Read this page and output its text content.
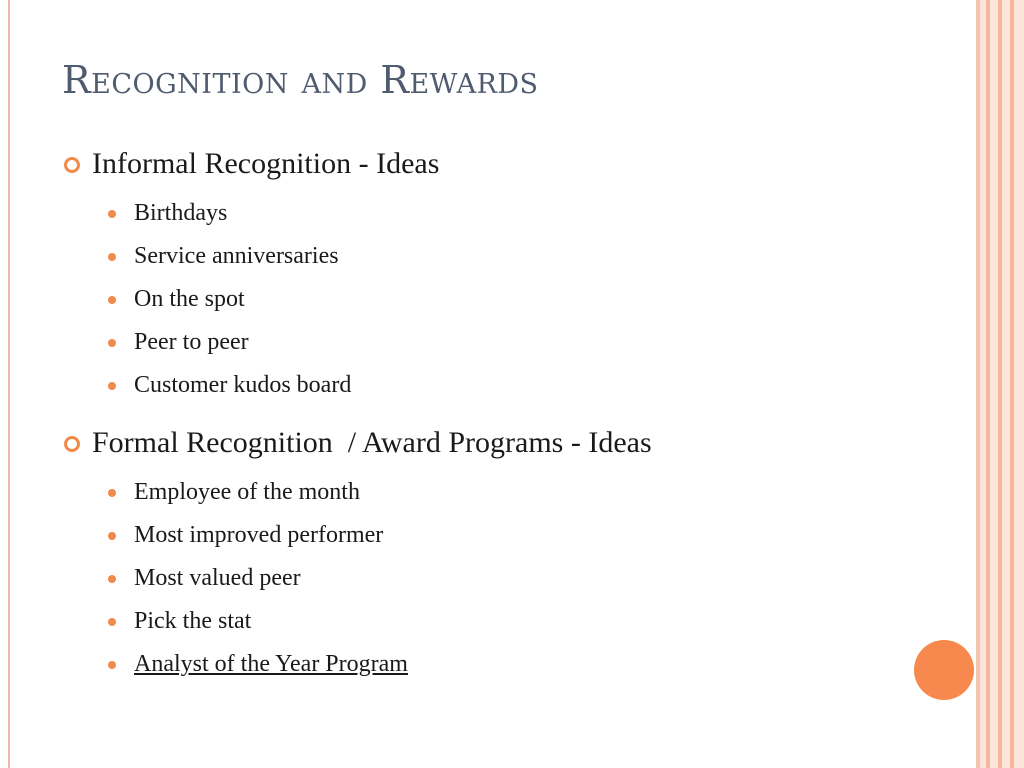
Recognition and Rewards
Informal Recognition - Ideas
Birthdays
Service anniversaries
On the spot
Peer to peer
Customer kudos board
Formal Recognition  / Award Programs - Ideas
Employee of the month
Most improved performer
Most valued peer
Pick the stat
Analyst of the Year Program
